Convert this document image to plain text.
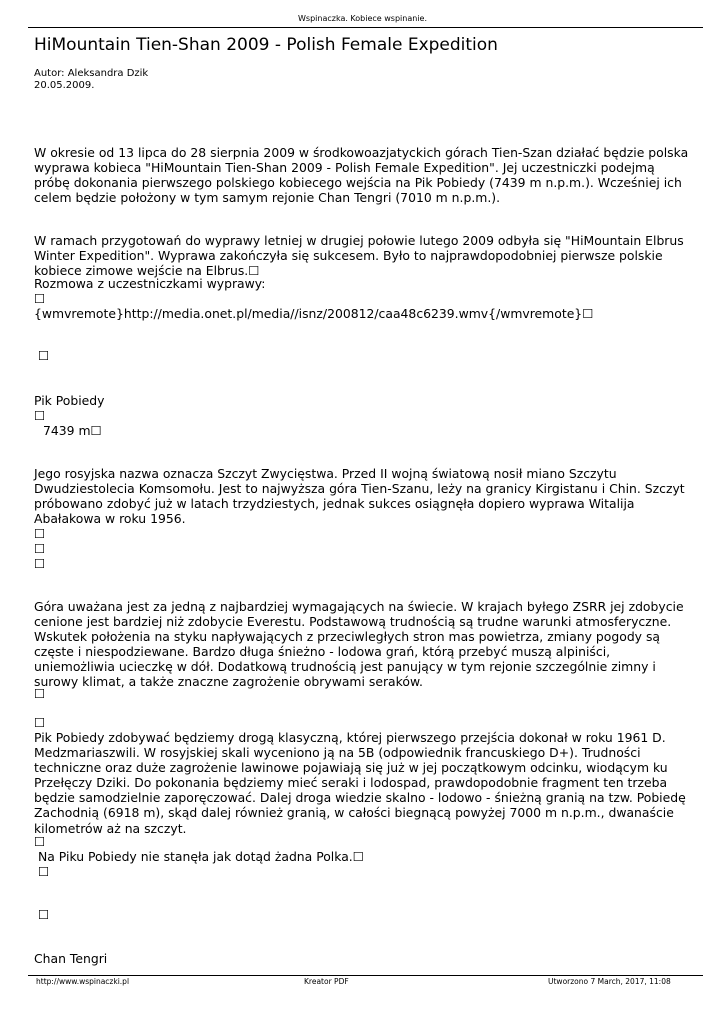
Wspinaczka. Kobiece wspinanie.
HiMountain Tien-Shan 2009 - Polish Female Expedition
Autor: Aleksandra Dzik
20.05.2009.

W okresie od 13 lipca do 28 sierpnia 2009 w środkowoazjatyckich górach Tien-Szan działać będzie polska wyprawa kobieca "HiMountain Tien-Shan 2009 - Polish Female Expedition". Jej uczestniczki podejmą próbę dokonania pierwszego polskiego kobiecego wejścia na Pik Pobiedy (7439 m n.p.m.). Wcześniej ich celem będzie położony w tym samym rejonie Chan Tengri (7010 m n.p.m.).

W ramach przygotowań do wyprawy letniej w drugiej połowie lutego 2009 odbyła się "HiMountain Elbrus Winter Expedition". Wyprawa zakończyła się sukcesem. Było to najprawdopodobniej pierwsze polskie kobiece zimowe wejście na Elbrus.☐

Rozmowa z uczestniczkami wyprawy:

☐

{wmvremote}http://media.onet.pl/media//isnz/200812/caa48c6239.wmv{/wmvremote}☐

☐

Pik Pobiedy

☐

7439 m☐

Jego rosyjska nazwa oznacza Szczyt Zwycięstwa. Przed II wojną światową nosił miano Szczytu Dwudziestolecia Komsomołu. Jest to najwyższa góra Tien-Szanu, leży na granicy Kirgistanu i Chin. Szczyt próbowano zdobyć już w latach trzydziestych, jednak sukces osiągnęła dopiero wyprawa Witalija Abałakowa w roku 1956.

☐
☐
☐

Góra uważana jest za jedną z najbardziej wymagających na świecie. W krajach byłego ZSRR jej zdobycie cenione jest bardziej niż zdobycie Everestu. Podstawową trudnością są trudne warunki atmosferyczne. Wskutek położenia na styku napływających z przeciwległych stron mas powietrza, zmiany pogody są częste i niespodziewane. Bardzo długa śnieżno - lodowa grań, którą przebyć muszą alpiniści, uniemożliwia ucieczkę w dół. Dodatkową trudnością jest panujący w tym rejonie szczególnie zimny i surowy klimat, a także znaczne zagrożenie obrywami seraków.

☐
☐

Pik Pobiedy zdobywać będziemy drogą klasyczną, której pierwszego przejścia dokonał w roku 1961 D. Medzmariaszwili. W rosyjskiej skali wyceniono ją na 5B (odpowiednik francuskiego D+). Trudności techniczne oraz duże zagrożenie lawinowe pojawiają się już w jej początkowym odcinku, wiodącym ku Przełęczy Dziki. Do pokonania będziemy mieć seraki i lodospad, prawdopodobnie fragment ten trzeba będzie samodzielnie zaporęczować. Dalej droga wiedzie skalno - lodowo - śnieżną granią na tzw. Pobiedę Zachodnią (6918 m), skąd dalej również granią, w całości biegnącą powyżej 7000 m n.p.m., dwanaście kilometrów aż na szczyt.

☐

Na Piku Pobiedy nie stanęła jak dotąd żadna Polka.☐

☐
☐

Chan Tengri

http://www.wspinaczki.pl	Kreator PDF	Utworzono 7 March, 2017, 11:08
